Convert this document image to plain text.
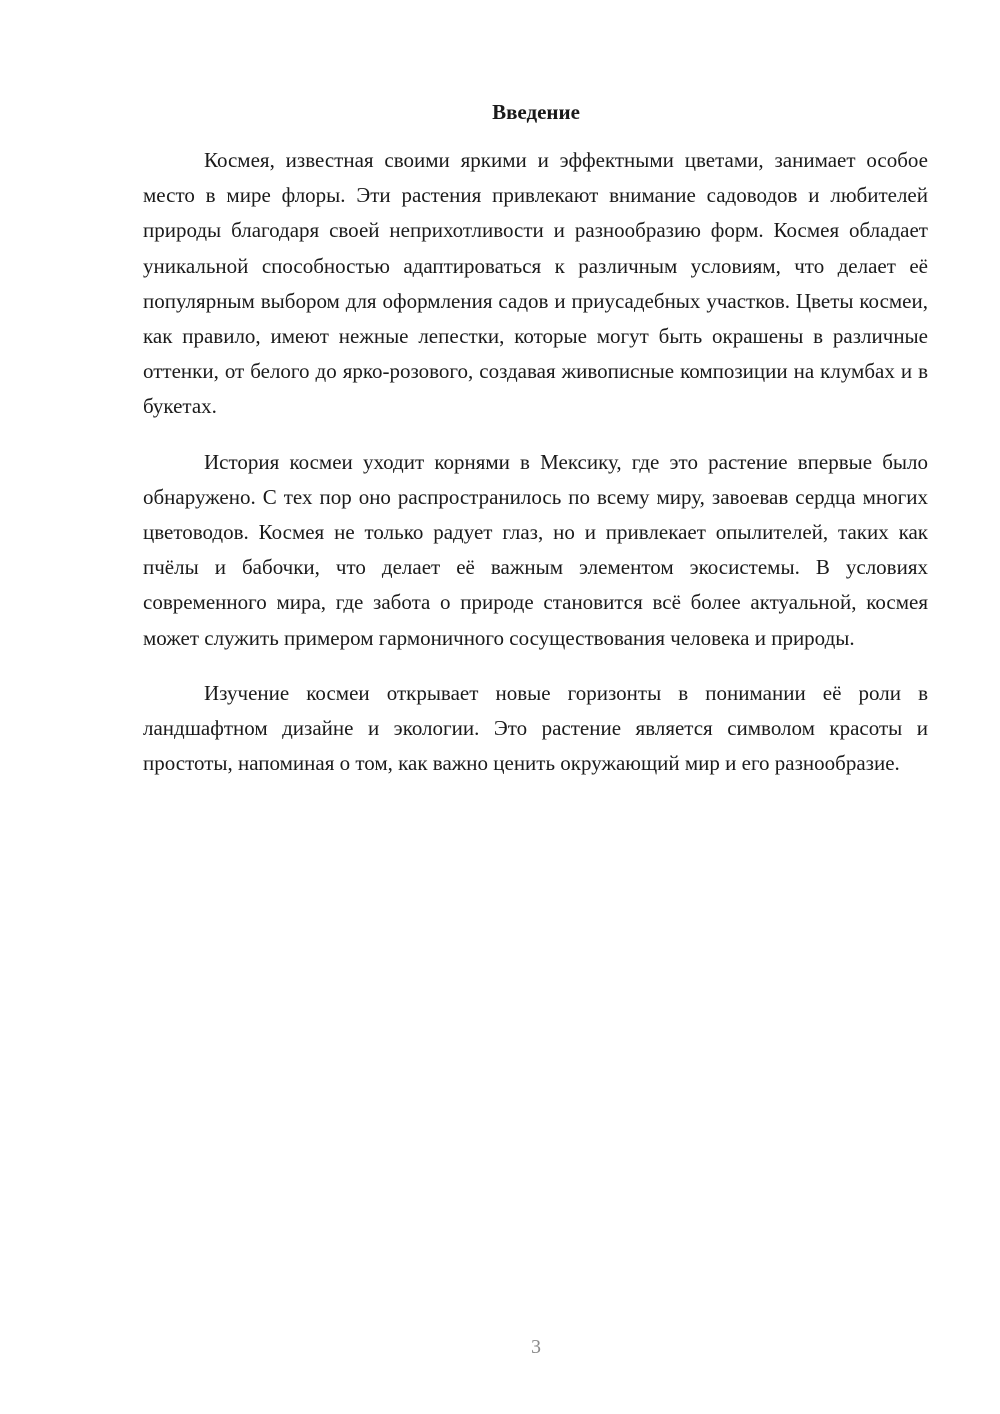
Введение

Космея, известная своими яркими и эффектными цветами, занимает особое место в мире флоры. Эти растения привлекают внимание садоводов и любителей природы благодаря своей неприхотливости и разнообразию форм. Космея обладает уникальной способностью адаптироваться к различным условиям, что делает её популярным выбором для оформления садов и приусадебных участков. Цветы космеи, как правило, имеют нежные лепестки, которые могут быть окрашены в различные оттенки, от белого до ярко-розового, создавая живописные композиции на клумбах и в букетах.

История космеи уходит корнями в Мексику, где это растение впервые было обнаружено. С тех пор оно распространилось по всему миру, завоевав сердца многих цветоводов. Космея не только радует глаз, но и привлекает опылителей, таких как пчёлы и бабочки, что делает её важным элементом экосистемы. В условиях современного мира, где забота о природе становится всё более актуальной, космея может служить примером гармоничного сосуществования человека и природы.

Изучение космеи открывает новые горизонты в понимании её роли в ландшафтном дизайне и экологии. Это растение является символом красоты и простоты, напоминая о том, как важно ценить окружающий мир и его разнообразие.

3
